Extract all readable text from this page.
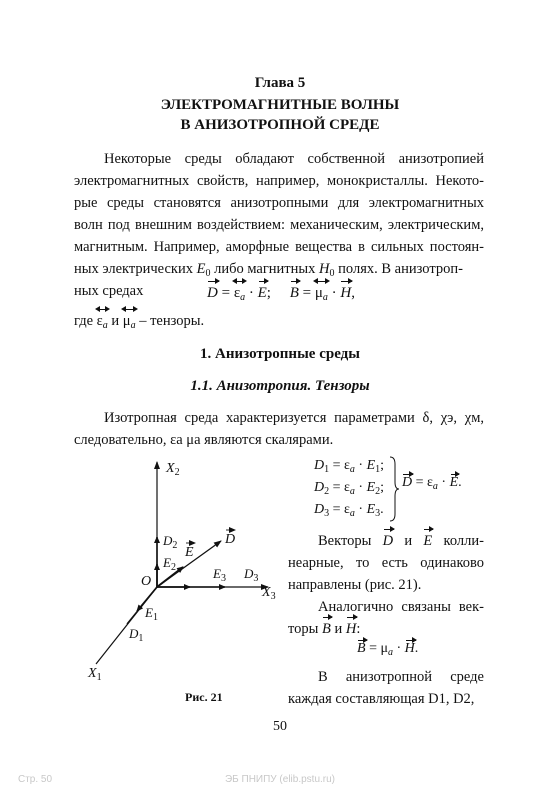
Глава 5
ЭЛЕКТРОМАГНИТНЫЕ ВОЛНЫ
В АНИЗОТРОПНОЙ СРЕДЕ
Некоторые среды обладают собственной анизотропией
электромагнитных свойств, например, монокристаллы. Некото-
рые среды становятся анизотропными для электромагнитных
волн под внешним воздействием: механическим, электрическим,
магнитным. Например, аморфные вещества в сильных постоян-
ных электрических $E_0$ либо магнитных $H_0$ полях. В анизотроп-
ных средах	D =
$\varepsilon_a \cdot E$;     B =
$\mu_a \cdot H$,
где
$\varepsilon_a$ и
$\mu_a$ – тензоры.
1. Анизотропные среды
1.1. Анизотропия. Тензоры
Изотропная среда характеризуется параметрами δ, χэ, χм,
следовательно, εа μа являются скалярами.
$D_1 = \varepsilon_a \cdot E_1$;
$D_2 = \varepsilon_a \cdot E_2$;
$D_3 = \varepsilon_a \cdot E_3$.
$D = \varepsilon_a \cdot E$.
Векторы D и E колли-
неарные, то есть одинаково
направлены (рис. 21).
Аналогично связаны век-
торы B и H:
$B = \mu_a \cdot H$.
В анизотропной среде
каждая составляющая D1, D2,
$X_2$
$X_3$
$X_1$
O
$D_2$
$E_2$	$E_3$ $D_3$
$E_1$
$D_1$
D
E
Рис. 21
50
Стр. 50	ЭБ ПНИПУ (elib.pstu.ru)
